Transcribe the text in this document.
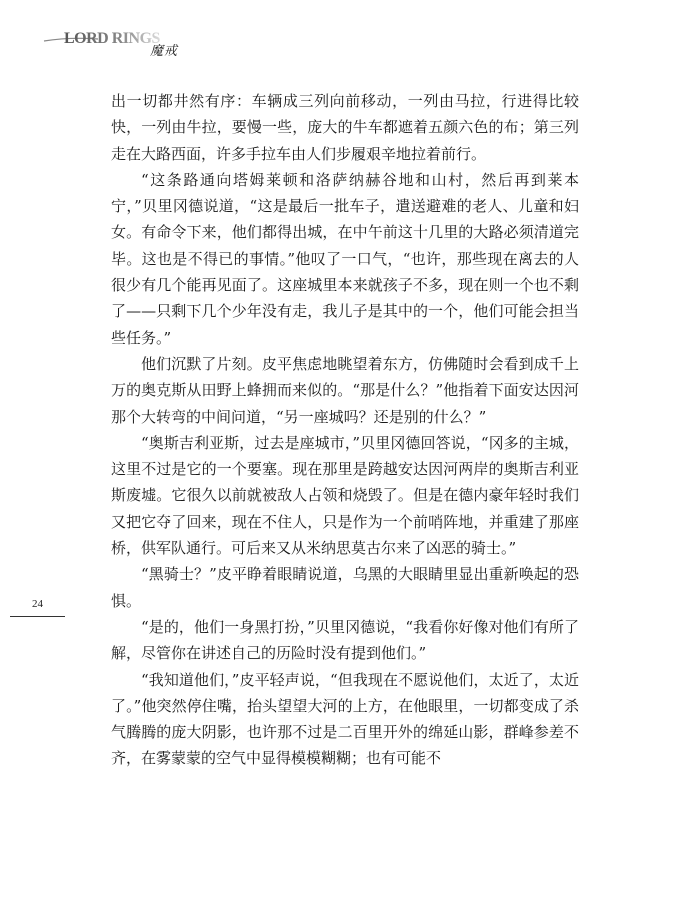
LORD RINGS
魔戒
24

出一切都井然有序：车辆成三列向前移动，一列由马拉，行进得比较快，一列由牛拉，要慢一些，庞大的牛车都遮着五颜六色的布；第三列走在大路西面，许多手拉车由人们步履艰辛地拉着前行。

“这条路通向塔姆莱顿和洛萨纳赫谷地和山村，然后再到莱本宁，”贝里冈德说道，“这是最后一批车子，遣送避难的老人、儿童和妇女。有命令下来，他们都得出城，在中午前这十几里的大路必须清道完毕。这也是不得已的事情。”他叹了一口气，“也许，那些现在离去的人很少有几个能再见面了。这座城里本来就孩子不多，现在则一个也不剩了——只剩下几个少年没有走，我儿子是其中的一个，他们可能会担当些任务。”

他们沉默了片刻。皮平焦虑地眺望着东方，仿佛随时会看到成千上万的奥克斯从田野上蜂拥而来似的。“那是什么？”他指着下面安达因河那个大转弯的中间问道，“另一座城吗？还是别的什么？”

“奥斯吉利亚斯，过去是座城市，”贝里冈德回答说，“冈多的主城，这里不过是它的一个要塞。现在那里是跨越安达因河两岸的奥斯吉利亚斯废墟。它很久以前就被敌人占领和烧毁了。但是在德内豪年轻时我们又把它夺了回来，现在不住人，只是作为一个前哨阵地，并重建了那座桥，供军队通行。可后来又从米纳思莫古尔来了凶恶的骑士。”

“黑骑士？”皮平睁着眼睛说道，乌黑的大眼睛里显出重新唤起的恐惧。

“是的，他们一身黑打扮，”贝里冈德说，“我看你好像对他们有所了解，尽管你在讲述自己的历险时没有提到他们。”

“我知道他们，”皮平轻声说，“但我现在不愿说他们，太近了，太近了。”他突然停住嘴，抬头望望大河的上方，在他眼里，一切都变成了杀气腾腾的庞大阴影，也许那不过是二百里开外的绵延山影，群峰参差不齐，在雾蒙蒙的空气中显得模模糊糊；也有可能不
